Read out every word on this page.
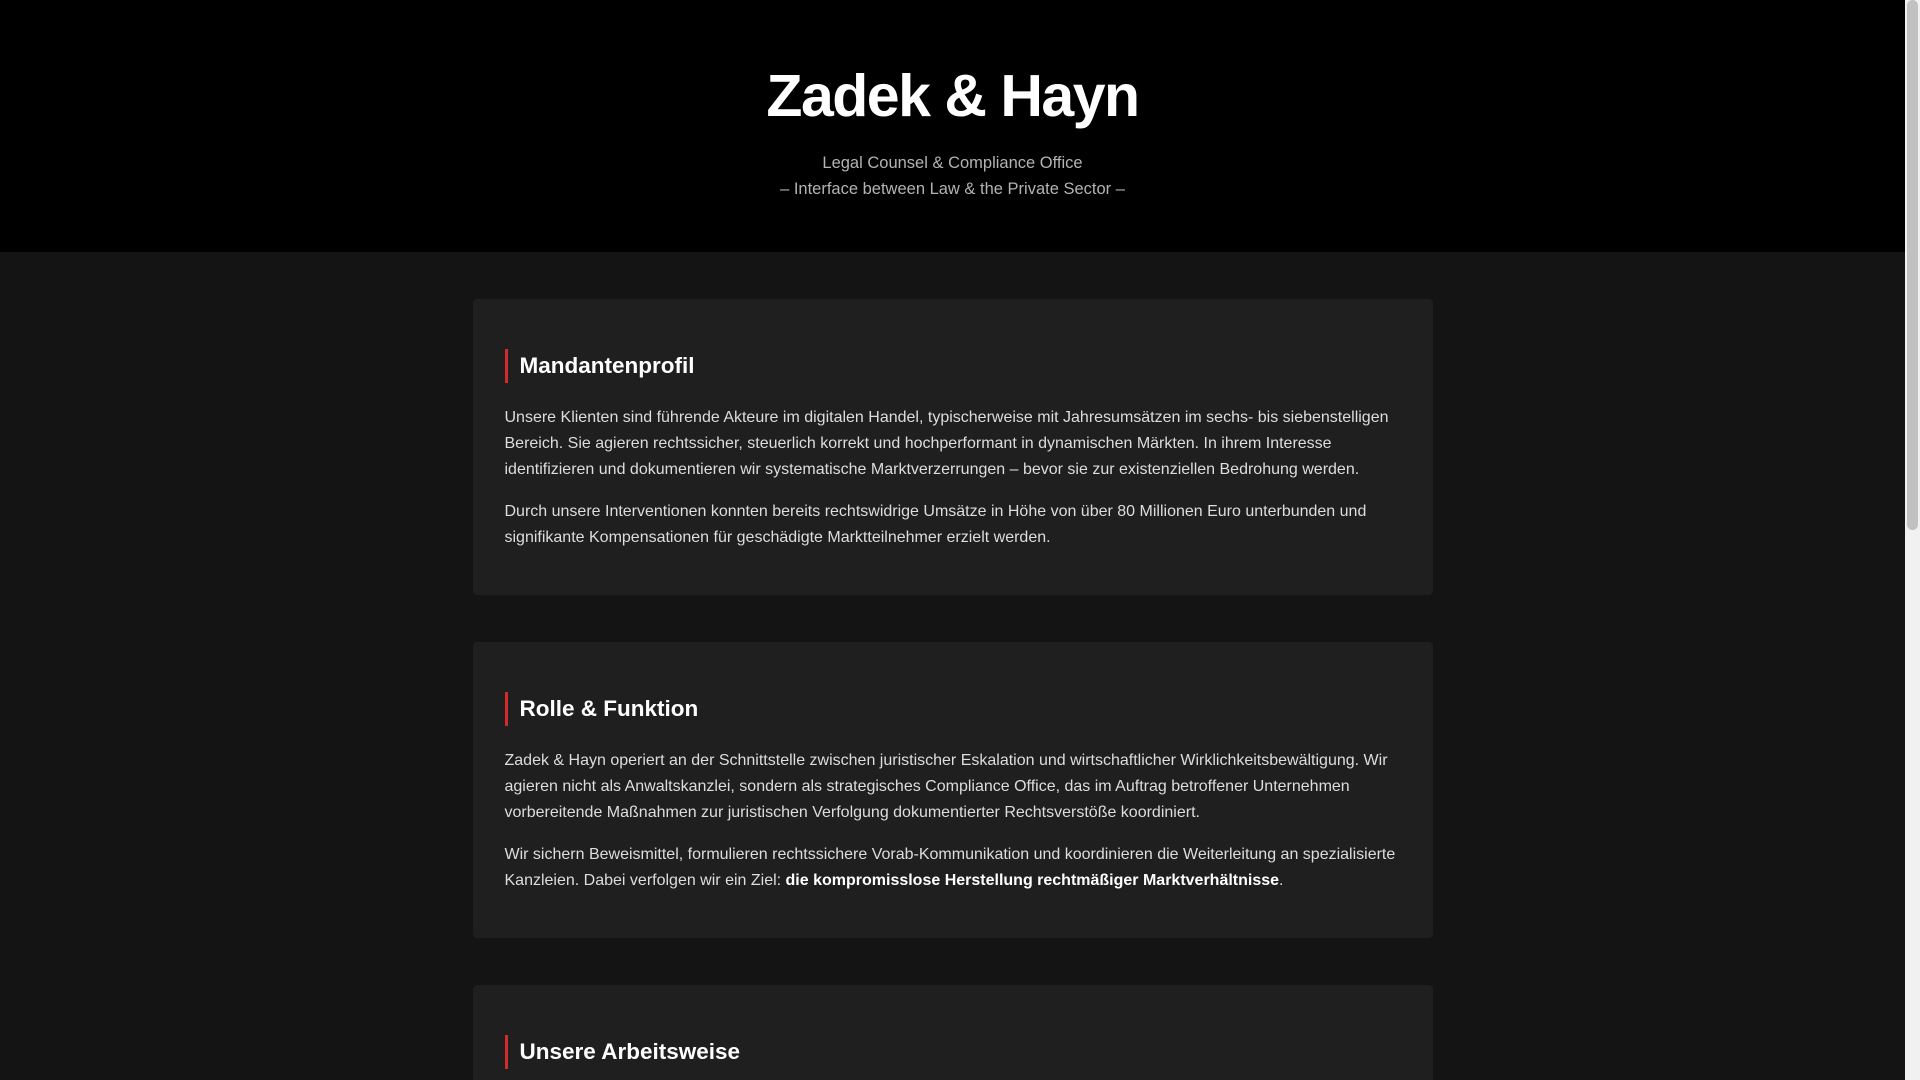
Zadek & Hayn

Legal Counsel & Compliance Office
– Interface between Law & the Private Sector –

Mandantenprofil

Unsere Klienten sind führende Akteure im digitalen Handel, typischerweise mit Jahresumsätzen im sechs- bis siebenstelligen Bereich. Sie agieren rechtssicher, steuerlich korrekt und hochperformant in dynamischen Märkten. In ihrem Interesse identifizieren und dokumentieren wir systematische Marktverzerrungen – bevor sie zur existenziellen Bedrohung werden.

Durch unsere Interventionen konnten bereits rechtswidrige Umsätze in Höhe von über 80 Millionen Euro unterbunden und signifikante Kompensationen für geschädigte Marktteilnehmer erzielt werden.

Rolle & Funktion

Zadek & Hayn operiert an der Schnittstelle zwischen juristischer Eskalation und wirtschaftlicher Wirklichkeitsbewältigung. Wir agieren nicht als Anwaltskanzlei, sondern als strategisches Compliance Office, das im Auftrag betroffener Unternehmen vorbereitende Maßnahmen zur juristischen Verfolgung dokumentierter Rechtsverstöße koordiniert.

Wir sichern Beweismittel, formulieren rechtssichere Vorab-Kommunikation und koordinieren die Weiterleitung an spezialisierte Kanzleien. Dabei verfolgen wir ein Ziel: die kompromisslose Herstellung rechtmäßiger Marktverhältnisse.

Unsere Arbeitsweise
